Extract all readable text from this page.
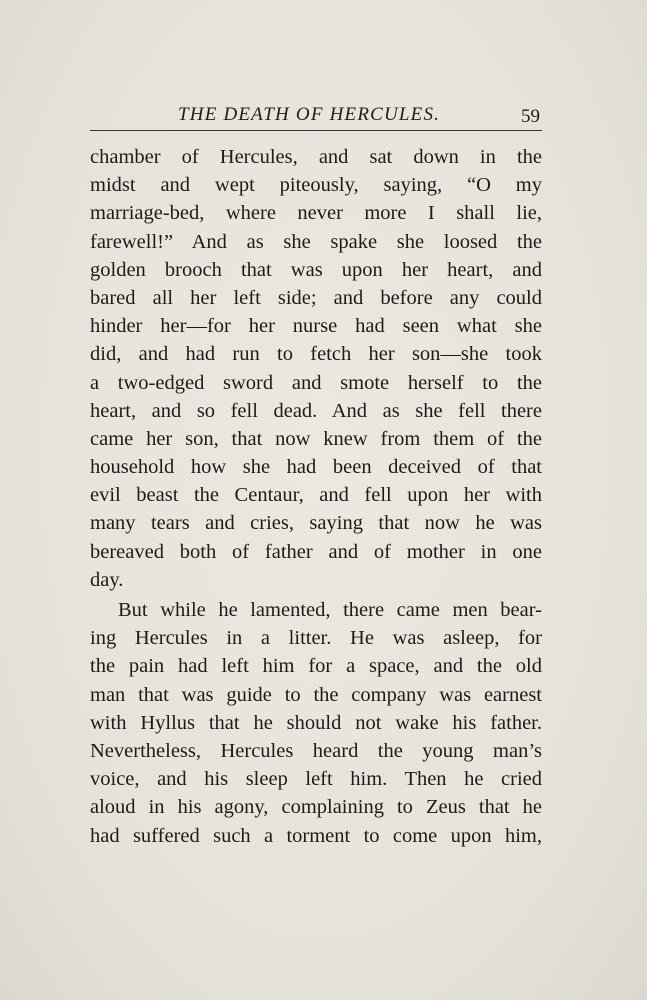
THE DEATH OF HERCULES.	59
chamber of Hercules, and sat down in the
midst and wept piteously, saying, “O my
marriage-bed, where never more I shall lie,
farewell!” And as she spake she loosed the
golden brooch that was upon her heart, and
bared all her left side; and before any could
hinder her—for her nurse had seen what she
did, and had run to fetch her son—she took
a two-edged sword and smote herself to the
heart, and so fell dead. And as she fell there
came her son, that now knew from them of the
household how she had been deceived of that
evil beast the Centaur, and fell upon her with
many tears and cries, saying that now he was
bereaved both of father and of mother in one
day.
But while he lamented, there came men bear-
ing Hercules in a litter. He was asleep, for
the pain had left him for a space, and the old
man that was guide to the company was earnest
with Hyllus that he should not wake his father.
Nevertheless, Hercules heard the young man’s
voice, and his sleep left him. Then he cried
aloud in his agony, complaining to Zeus that he
had suffered such a torment to come upon him,
